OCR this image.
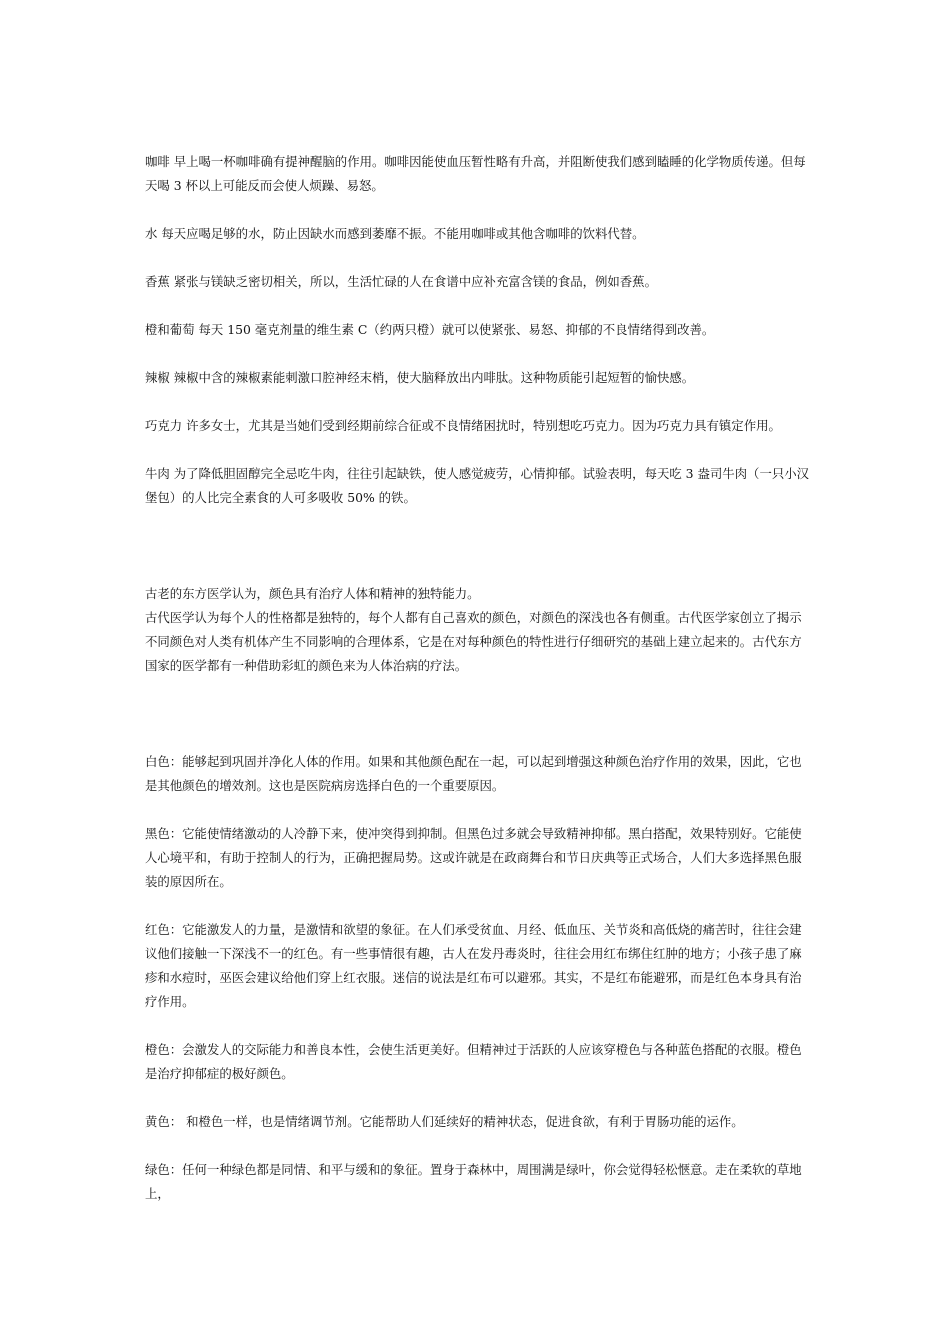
咖啡 早上喝一杯咖啡确有提神醒脑的作用。咖啡因能使血压暂性略有升高，并阻断使我们感到瞌睡的化学物质传递。但每天喝 3 杯以上可能反而会使人烦躁、易怒。

水 每天应喝足够的水，防止因缺水而感到萎靡不振。不能用咖啡或其他含咖啡的饮料代替。

香蕉 紧张与镁缺乏密切相关，所以，生活忙碌的人在食谱中应补充富含镁的食品，例如香蕉。

橙和葡萄 每天 150 毫克剂量的维生素 C（约两只橙）就可以使紧张、易怒、抑郁的不良情绪得到改善。

辣椒 辣椒中含的辣椒素能刺激口腔神经末梢，使大脑释放出内啡肽。这种物质能引起短暂的愉快感。

巧克力 许多女士，尤其是当她们受到经期前综合征或不良情绪困扰时，特别想吃巧克力。因为巧克力具有镇定作用。

牛肉 为了降低胆固醇完全忌吃牛肉，往往引起缺铁，使人感觉疲劳，心情抑郁。试验表明，每天吃 3 盎司牛肉（一只小汉堡包）的人比完全素食的人可多吸收 50% 的铁。

古老的东方医学认为，颜色具有治疗人体和精神的独特能力。

古代医学认为每个人的性格都是独特的，每个人都有自己喜欢的颜色，对颜色的深浅也各有侧重。古代医学家创立了揭示不同颜色对人类有机体产生不同影响的合理体系，它是在对每种颜色的特性进行仔细研究的基础上建立起来的。古代东方国家的医学都有一种借助彩虹的颜色来为人体治病的疗法。

白色：能够起到巩固并净化人体的作用。如果和其他颜色配在一起，可以起到增强这种颜色治疗作用的效果，因此，它也是其他颜色的增效剂。这也是医院病房选择白色的一个重要原因。

黑色：它能使情绪激动的人冷静下来，使冲突得到抑制。但黑色过多就会导致精神抑郁。黑白搭配，效果特别好。它能使人心境平和，有助于控制人的行为，正确把握局势。这或许就是在政商舞台和节日庆典等正式场合，人们大多选择黑色服装的原因所在。

红色：它能激发人的力量，是激情和欲望的象征。在人们承受贫血、月经、低血压、关节炎和高低烧的痛苦时，往往会建议他们接触一下深浅不一的红色。有一些事情很有趣，古人在发丹毒炎时，往往会用红布绑住红肿的地方；小孩子患了麻疹和水痘时，巫医会建议给他们穿上红衣服。迷信的说法是红布可以避邪。其实，不是红布能避邪，而是红色本身具有治疗作用。

橙色：会激发人的交际能力和善良本性，会使生活更美好。但精神过于活跃的人应该穿橙色与各种蓝色搭配的衣服。橙色是治疗抑郁症的极好颜色。

黄色： 和橙色一样，也是情绪调节剂。它能帮助人们延续好的精神状态，促进食欲，有利于胃肠功能的运作。

绿色：任何一种绿色都是同情、和平与缓和的象征。置身于森林中，周围满是绿叶，你会觉得轻松惬意。走在柔软的草地上，
